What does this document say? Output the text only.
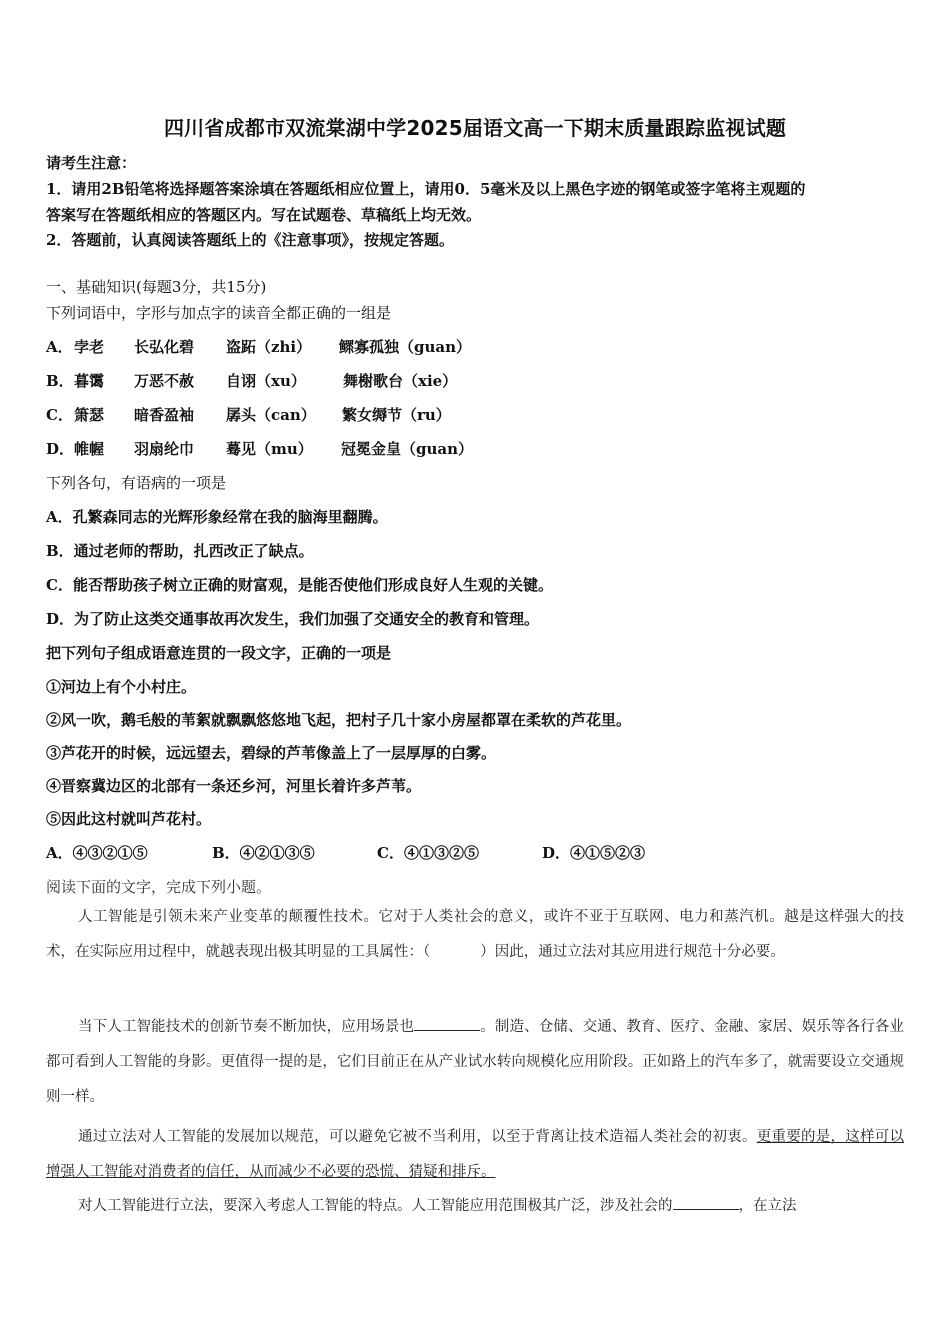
四川省成都市双流棠湖中学2025届语文高一下期末质量跟踪监视试题
请考生注意：
1．请用2B铅笔将选择题答案涂填在答题纸相应位置上，请用0．5毫米及以上黑色字迹的钢笔或签字笔将主观题的
答案写在答题纸相应的答题区内。写在试题卷、草稿纸上均无效。
2．答题前，认真阅读答题纸上的《注意事项》，按规定答题。
一、基础知识(每题3分，共15分)
下列词语中，字形与加点字的读音全都正确的一组是
A． 孛老 长弘化碧 盗跖（zhi） 鳏寡孤独（guan）
B． 暮霭 万恶不赦 自诩（xu） 舞榭歌台（xie）
C． 箫瑟 暗香盈袖 孱头（can） 繁女缛节（ru）
D． 帷幄 羽扇纶巾 蓦见（mu） 冠冕金皇（guan）
下列各句，有语病的一项是
A．孔繁森同志的光辉形象经常在我的脑海里翻腾。
B．通过老师的帮助，扎西改正了缺点。
C．能否帮助孩子树立正确的财富观，是能否使他们形成良好人生观的关键。
D．为了防止这类交通事故再次发生，我们加强了交通安全的教育和管理。
把下列句子组成语意连贯的一段文字，正确的一项是
①河边上有个小村庄。
②风一吹，鹅毛般的苇絮就飘飘悠悠地飞起，把村子几十家小房屋都罩在柔软的芦花里。
③芦花开的时候，远远望去，碧绿的芦苇像盖上了一层厚厚的白雾。
④晋察冀边区的北部有一条还乡河，河里长着许多芦苇。
⑤因此这村就叫芦花村。
A．④③②①⑤	B．④②①③⑤	C．④①③②⑤	D．④①⑤②③
阅读下面的文字，完成下列小题。
人工智能是引领未来产业变革的颠覆性技术。它对于人类社会的意义，或许不亚于互联网、电力和蒸汽机。越是这样强大的技术，在实际应用过程中，就越表现出极其明显的工具属性：（	）因此，通过立法对其应用进行规范十分必要。
当下人工智能技术的创新节奏不断加快，应用场景也	。制造、仓储、交通、教育、医疗、金融、家居、娱乐等各行各业都可看到人工智能的身影。更值得一提的是，它们目前正在从产业试水转向规模化应用阶段。正如路上的汽车多了，就需要设立交通规则一样。
通过立法对人工智能的发展加以规范，可以避免它被不当利用，以至于背离让技术造福人类社会的初衷。更重要的是，这样可以增强人工智能对消费者的信任，从而减少不必要的恐慌、猜疑和排斥。
对人工智能进行立法，要深入考虑人工智能的特点。人工智能应用范围极其广泛，涉及社会的	，在立法
